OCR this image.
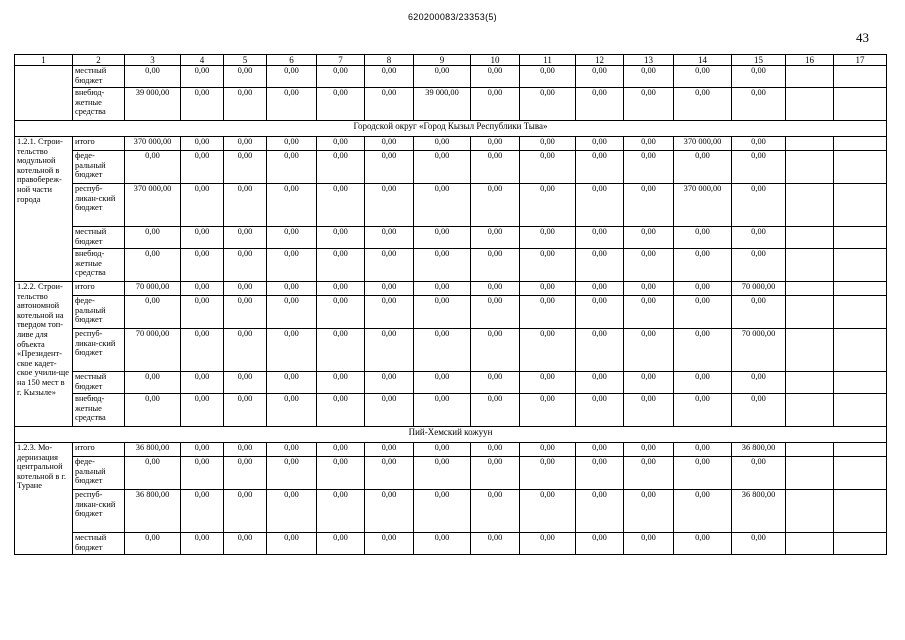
620200083/23353(5)
43
1	2	3	4	5	6	7	8	9	10	11	12	13	14	15	16	17
	местный бюджет	0,00	0,00	0,00	0,00	0,00	0,00	0,00	0,00	0,00	0,00	0,00	0,00	0,00		
	внебюд-жетные средства	39 000,00	0,00	0,00	0,00	0,00	0,00	39 000,00	0,00	0,00	0,00	0,00	0,00	0,00		
Городской округ «Город Кызыл Республики Тыва»																
1.2.1. Строи-тельство модульной котельной в правобереж-ной части города	итого	370 000,00	0,00	0,00	0,00	0,00	0,00	0,00	0,00	0,00	0,00	0,00	370 000,00	0,00		
	феде-ральный бюджет	0,00	0,00	0,00	0,00	0,00	0,00	0,00	0,00	0,00	0,00	0,00	0,00	0,00		
	респуб-ликан-ский бюджет	370 000,00	0,00	0,00	0,00	0,00	0,00	0,00	0,00	0,00	0,00	0,00	370 000,00	0,00		
	местный бюджет	0,00	0,00	0,00	0,00	0,00	0,00	0,00	0,00	0,00	0,00	0,00	0,00	0,00		
	внебюд-жетные средства	0,00	0,00	0,00	0,00	0,00	0,00	0,00	0,00	0,00	0,00	0,00	0,00	0,00		
1.2.2. Строи-тельство автономной котельной на твердом топ-ливе для объекта «Президент-ское кадет-ское учили-ще на 150 мест в г. Кызыле»	итого	70 000,00	0,00	0,00	0,00	0,00	0,00	0,00	0,00	0,00	0,00	0,00	0,00	70 000,00		
	феде-ральный бюджет	0,00	0,00	0,00	0,00	0,00	0,00	0,00	0,00	0,00	0,00	0,00	0,00	0,00		
	респуб-ликан-ский бюджет	70 000,00	0,00	0,00	0,00	0,00	0,00	0,00	0,00	0,00	0,00	0,00	0,00	70 000,00		
	местный бюджет	0,00	0,00	0,00	0,00	0,00	0,00	0,00	0,00	0,00	0,00	0,00	0,00	0,00		
	внебюд-жетные средства	0,00	0,00	0,00	0,00	0,00	0,00	0,00	0,00	0,00	0,00	0,00	0,00	0,00		
Пий-Хемский кожуун																
1.2.3. Мо-дернизация центральной котельной в г. Туране	итого	36 800,00	0,00	0,00	0,00	0,00	0,00	0,00	0,00	0,00	0,00	0,00	0,00	36 800,00		
	феде-ральный бюджет	0,00	0,00	0,00	0,00	0,00	0,00	0,00	0,00	0,00	0,00	0,00	0,00	0,00		
	респуб-ликан-ский бюджет	36 800,00	0,00	0,00	0,00	0,00	0,00	0,00	0,00	0,00	0,00	0,00	0,00	36 800,00		
	местный бюджет	0,00	0,00	0,00	0,00	0,00	0,00	0,00	0,00	0,00	0,00	0,00	0,00	0,00		
